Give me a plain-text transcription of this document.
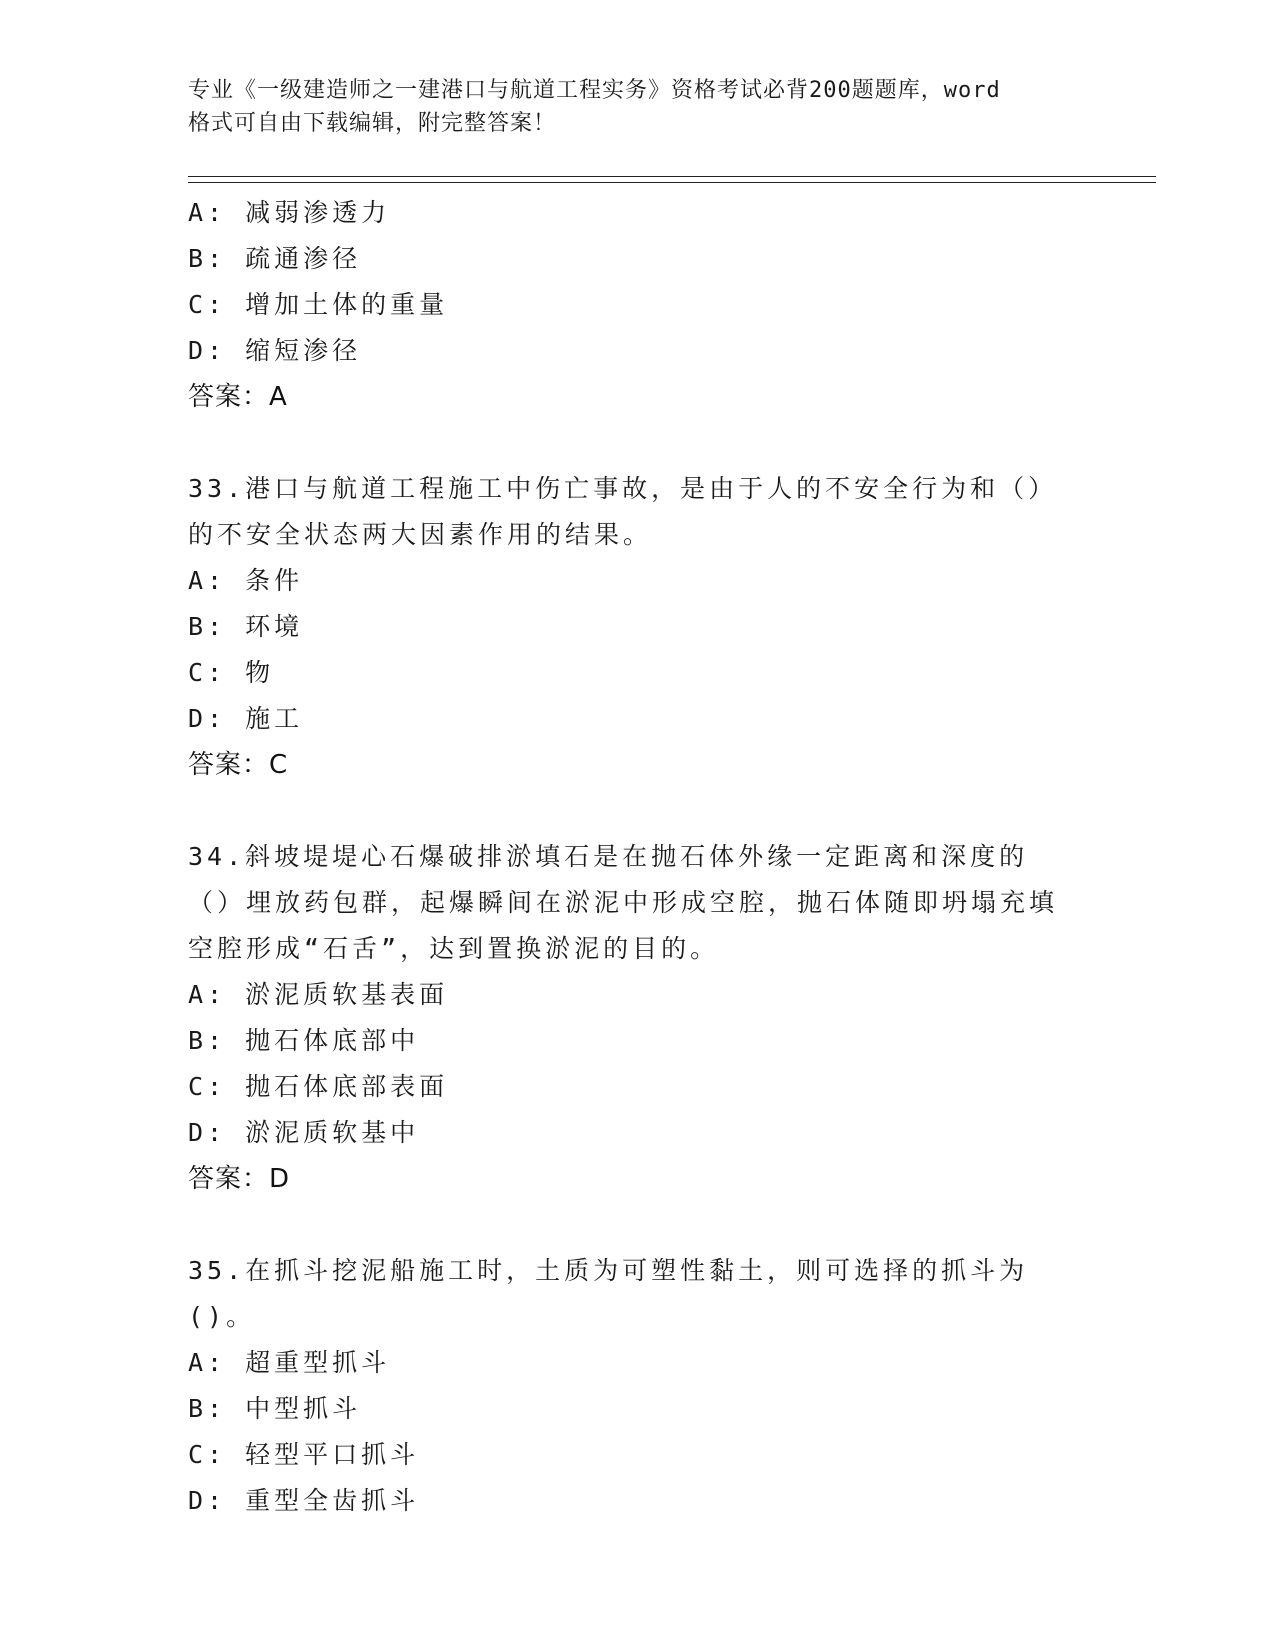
专业《一级建造师之一建港口与航道工程实务》资格考试必背200题题库，word

格式可自由下载编辑，附完整答案！

A: 减弱渗透力
B: 疏通渗径
C: 增加土体的重量
D: 缩短渗径
答案：A
33.港口与航道工程施工中伤亡事故，是由于人的不安全行为和（）的不安全状态两大因素作用的结果。
A: 条件
B: 环境
C: 物
D: 施工
答案：C
34.斜坡堤堤心石爆破排淤填石是在抛石体外缘一定距离和深度的（）埋放药包群，起爆瞬间在淤泥中形成空腔，抛石体随即坍塌充填空腔形成“石舌”，达到置换淤泥的目的。
A: 淤泥质软基表面
B: 抛石体底部中
C: 抛石体底部表面
D: 淤泥质软基中
答案：D
35.在抓斗挖泥船施工时，土质为可塑性黏土，则可选择的抓斗为()。
A: 超重型抓斗
B: 中型抓斗
C: 轻型平口抓斗
D: 重型全齿抓斗
